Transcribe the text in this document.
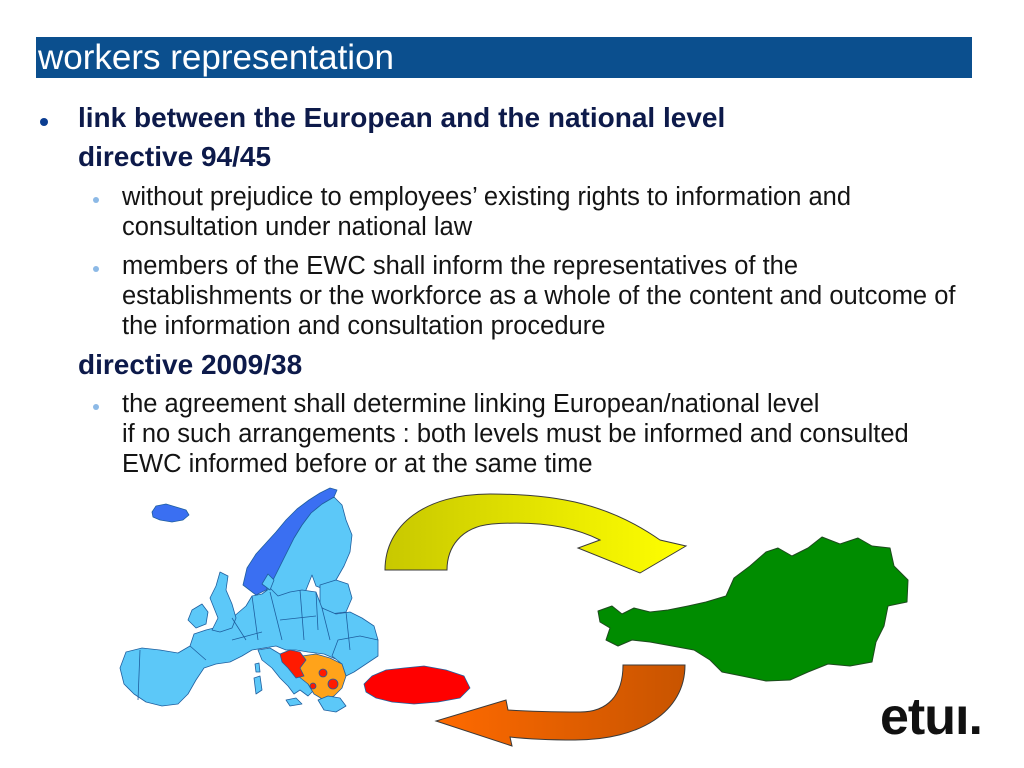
workers representation
link between the European and the national level
directive 94/45
without prejudice to employees’ existing rights to information and
consultation under national law
members of the EWC shall inform the representatives of the
establishments or the workforce as a whole of the content and outcome of
the information and consultation procedure
directive 2009/38
the agreement shall determine linking European/national level
if no such arrangements : both levels must be informed and consulted
EWC informed before or at the same time
etuı.
